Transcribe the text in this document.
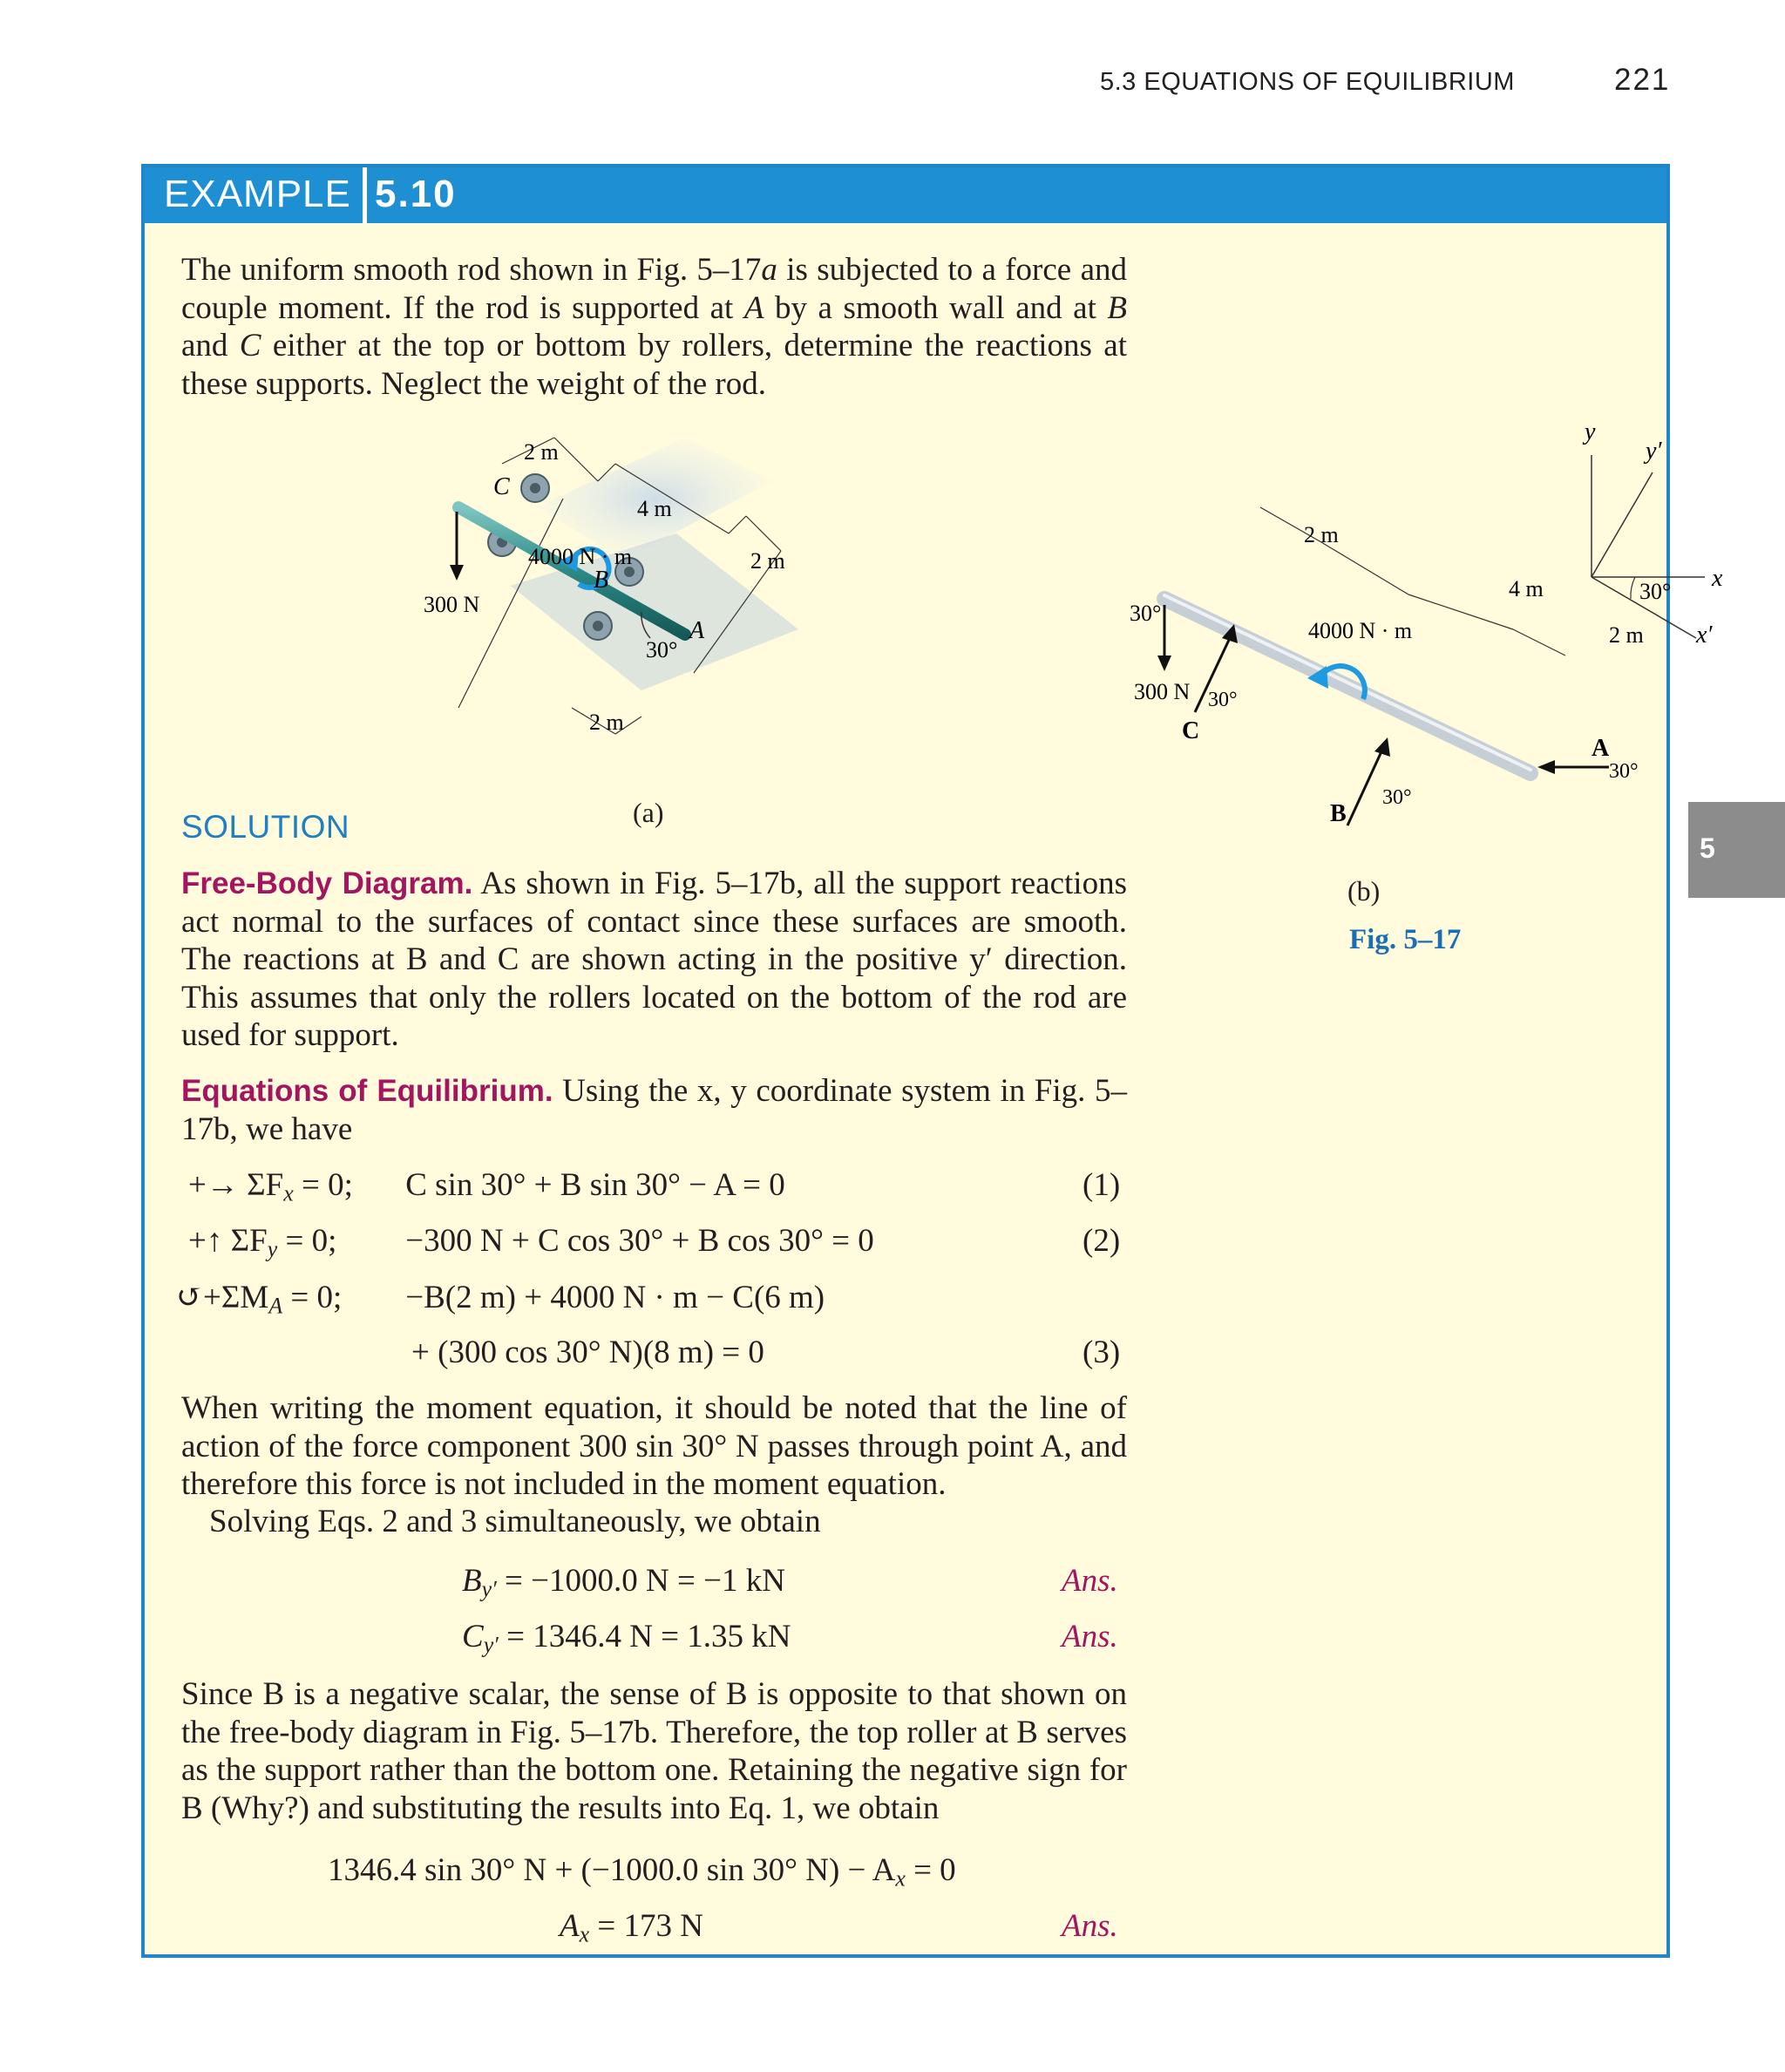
5.3 EQUATIONS OF EQUILIBRIUM	221
EXAMPLE 5.10
The uniform smooth rod shown in Fig. 5–17a is subjected to a force and couple moment. If the rod is supported at A by a smooth wall and at B and C either at the top or bottom by rollers, determine the reactions at these supports. Neglect the weight of the rod.
2 m
4 m
2 m
2 m
4000 N · m
300 N
C
B
A
30°
(a)
y
y′
x
x′
30°
2 m
4 m
2 m
4000 N · m
30°
300 N 30°
30°
30°
C
B
A
(b)
Fig. 5–17
SOLUTION
Free-Body Diagram. As shown in Fig. 5–17b, all the support reactions act normal to the surfaces of contact since these surfaces are smooth. The reactions at B and C are shown acting in the positive y′ direction. This assumes that only the rollers located on the bottom of the rod are used for support.
Equations of Equilibrium. Using the x, y coordinate system in Fig. 5–17b, we have
+→ $\Sigma F_x = 0$; C sin 30° + B sin 30° − A = 0	(1)
+↑ $\Sigma F_y = 0$; −300 N + C cos 30° + B cos 30° = 0	(2)
$↺+\Sigma M_A = 0$; −B(2 m) + 4000 N · m − C(6 m)
+ (300 cos 30° N)(8 m) = 0	(3)
When writing the moment equation, it should be noted that the line of action of the force component 300 sin 30° N passes through point A, and therefore this force is not included in the moment equation.
Solving Eqs. 2 and 3 simultaneously, we obtain
By′ = −1000.0 N = −1 kN	Ans.
Cy′ = 1346.4 N = 1.35 kN	Ans.
Since B is a negative scalar, the sense of B is opposite to that shown on the free-body diagram in Fig. 5–17b. Therefore, the top roller at B serves as the support rather than the bottom one. Retaining the negative sign for B (Why?) and substituting the results into Eq. 1, we obtain
1346.4 sin 30° N + (−1000.0 sin 30° $N) - A_x = 0$
$A_x = 173$ N	Ans.
5
